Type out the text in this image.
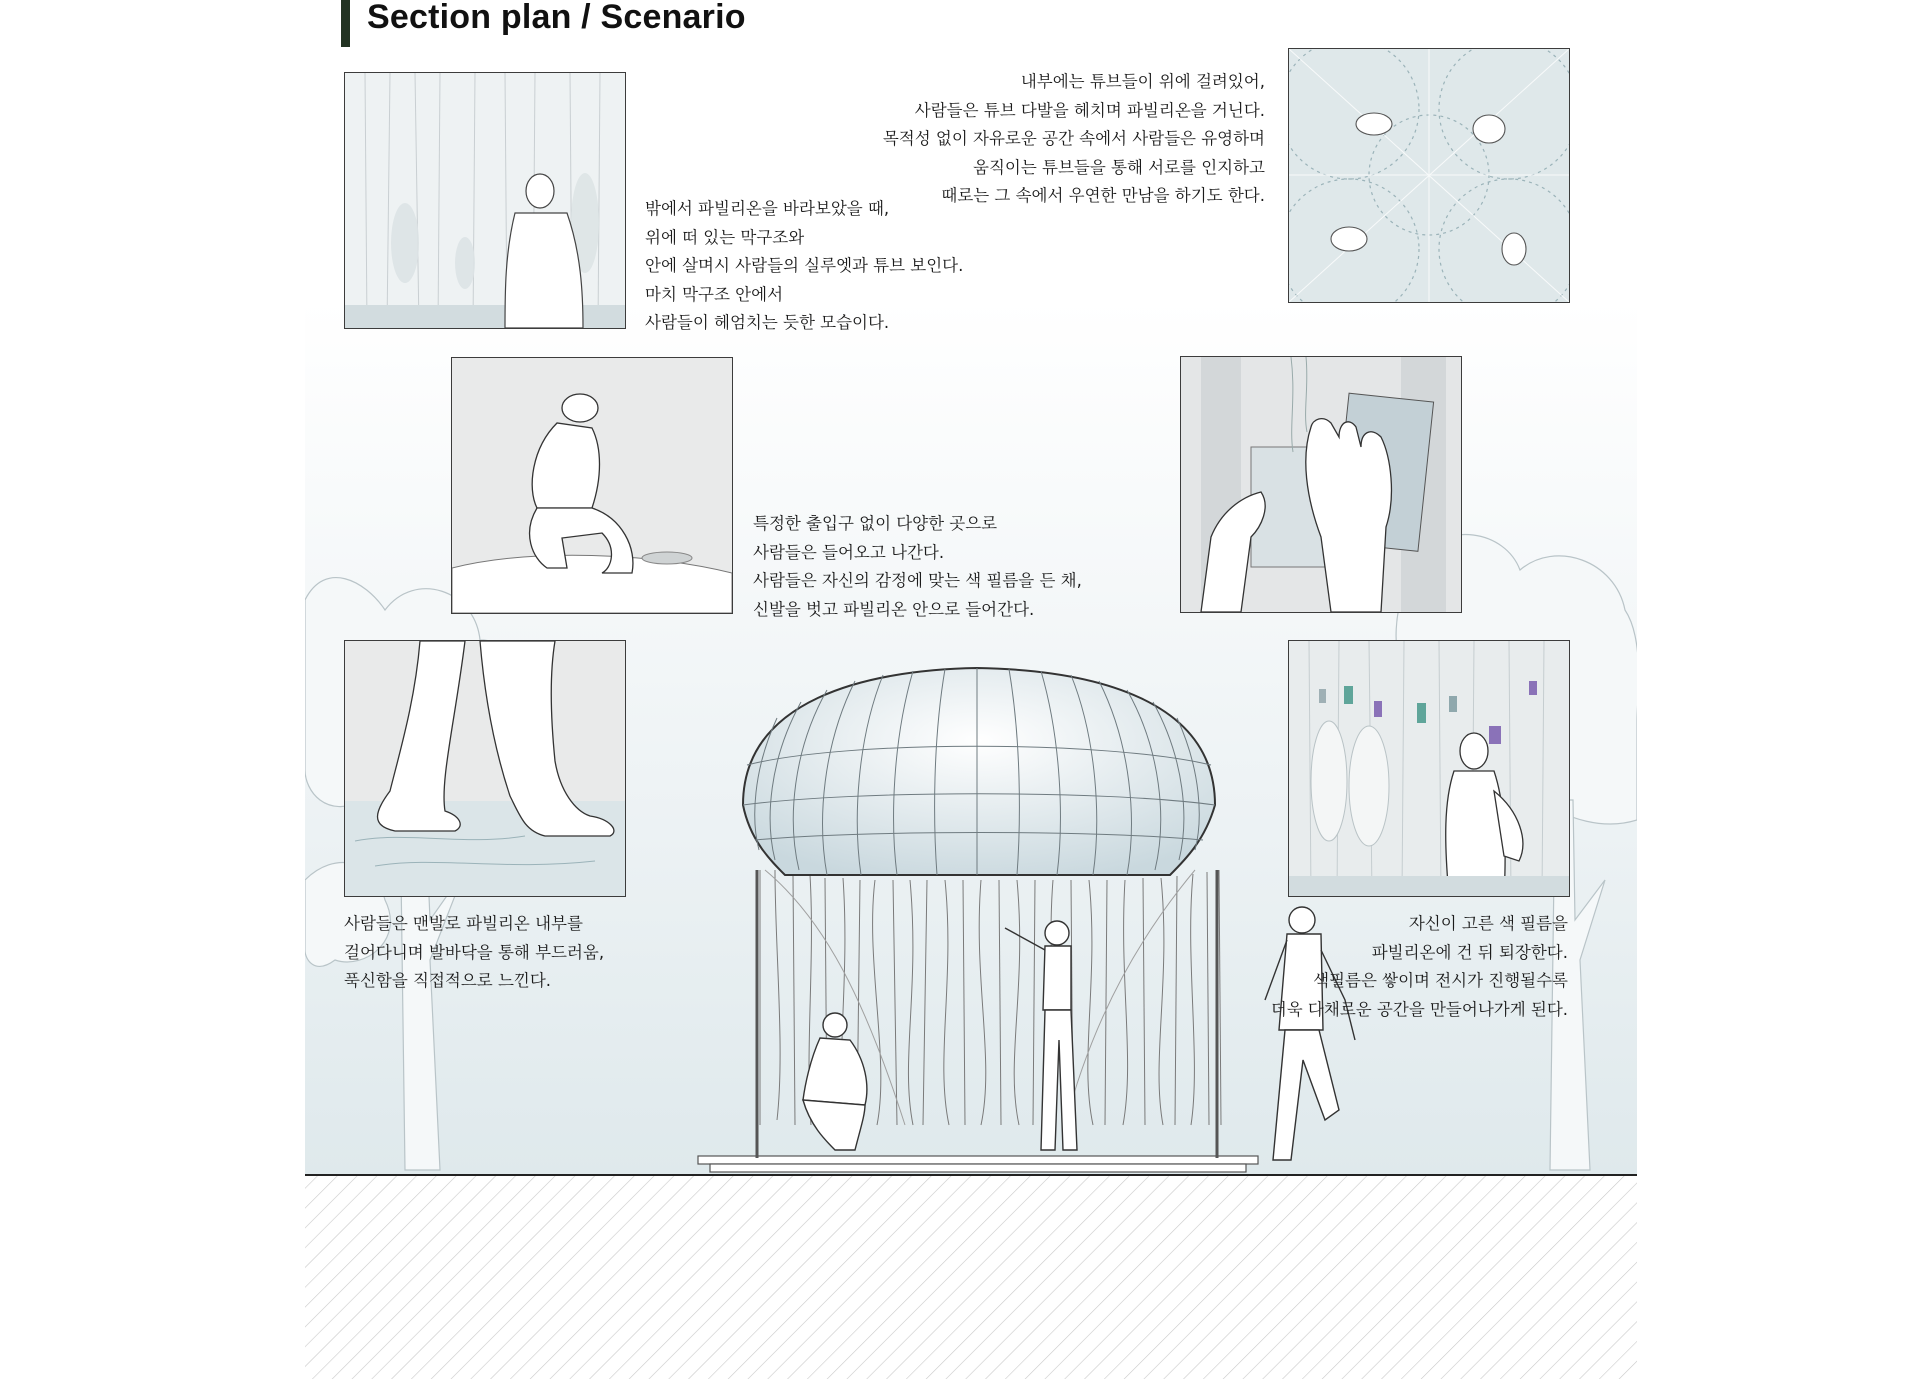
Section plan / Scenario
밖에서 파빌리온을 바라보았을 때,
위에 떠 있는 막구조와
안에 살며시 사람들의 실루엣과 튜브 보인다.
마치 막구조 안에서
사람들이 헤엄치는 듯한 모습이다.
내부에는 튜브들이 위에 걸려있어,
사람들은 튜브 다발을 헤치며 파빌리온을 거닌다.
목적성 없이 자유로운 공간 속에서 사람들은 유영하며
움직이는 튜브들을 통해 서로를 인지하고
때로는 그 속에서 우연한 만남을 하기도 한다.
특정한 출입구 없이 다양한 곳으로
사람들은 들어오고 나간다.
사람들은 자신의 감정에 맞는 색 필름을 든 채,
신발을 벗고 파빌리온 안으로 들어간다.
사람들은 맨발로 파빌리온 내부를
걸어다니며 발바닥을 통해 부드러움,
푹신함을 직접적으로 느낀다.
자신이 고른 색 필름을
파빌리온에 건 뒤 퇴장한다.
색필름은 쌓이며 전시가 진행될수록
더욱 다채로운 공간을 만들어나가게 된다.
